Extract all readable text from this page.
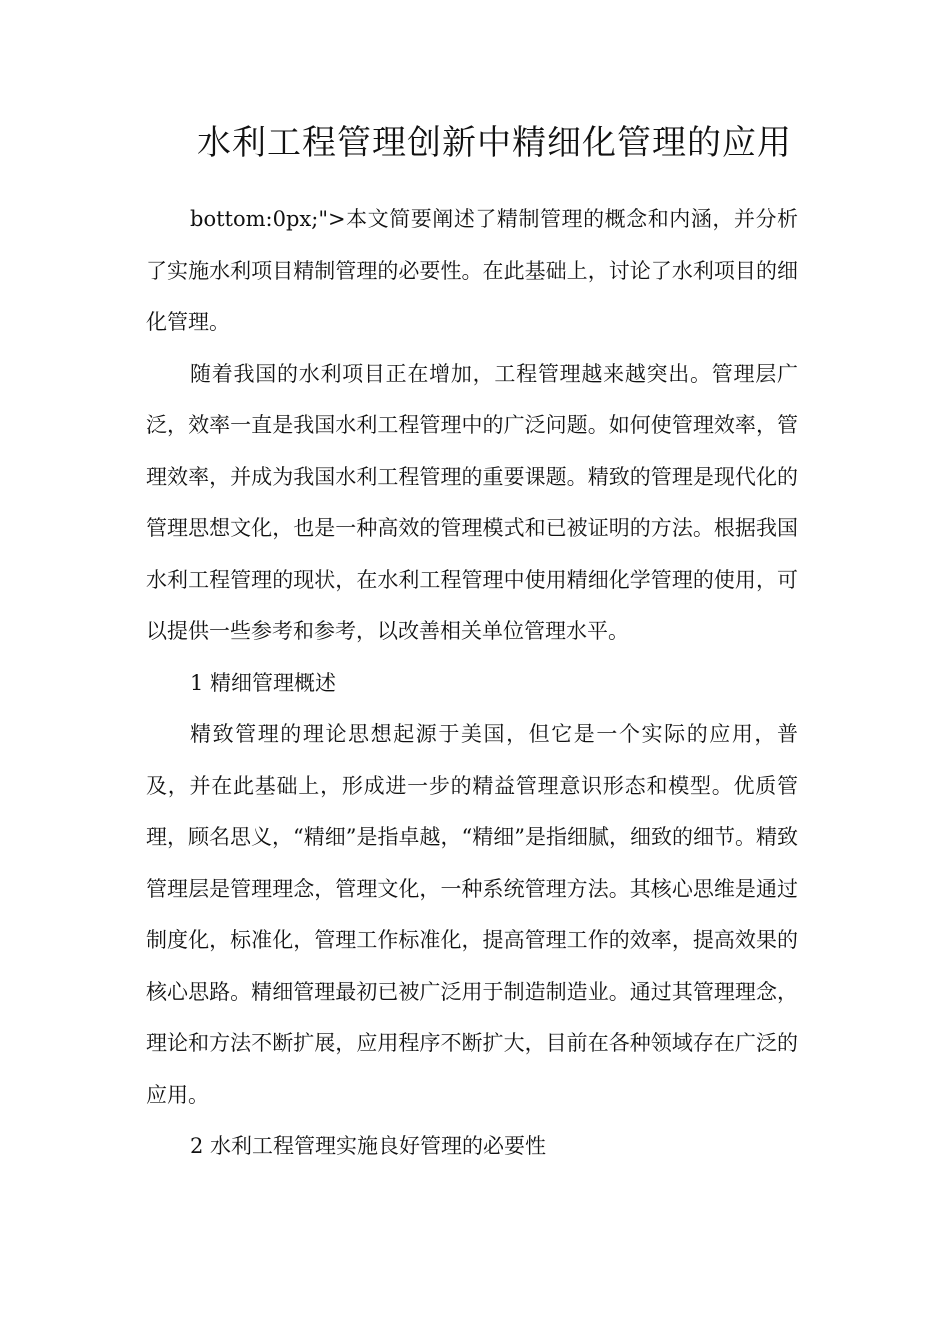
水利工程管理创新中精细化管理的应用

bottom:0px;">本文简要阐述了精制管理的概念和内涵，并分析了实施水利项目精制管理的必要性。在此基础上，讨论了水利项目的细化管理。

随着我国的水利项目正在增加，工程管理越来越突出。管理层广泛，效率一直是我国水利工程管理中的广泛问题。如何使管理效率，管理效率，并成为我国水利工程管理的重要课题。精致的管理是现代化的管理思想文化，也是一种高效的管理模式和已被证明的方法。根据我国水利工程管理的现状，在水利工程管理中使用精细化学管理的使用，可以提供一些参考和参考，以改善相关单位管理水平。

1 精细管理概述

精致管理的理论思想起源于美国，但它是一个实际的应用，普及，并在此基础上，形成进一步的精益管理意识形态和模型。优质管理，顾名思义，“精细”是指卓越，“精细”是指细腻，细致的细节。精致管理层是管理理念，管理文化，一种系统管理方法。其核心思维是通过制度化，标准化，管理工作标准化，提高管理工作的效率，提高效果的核心思路。精细管理最初已被广泛用于制造制造业。通过其管理理念，理论和方法不断扩展，应用程序不断扩大，目前在各种领域存在广泛的应用。

2 水利工程管理实施良好管理的必要性
